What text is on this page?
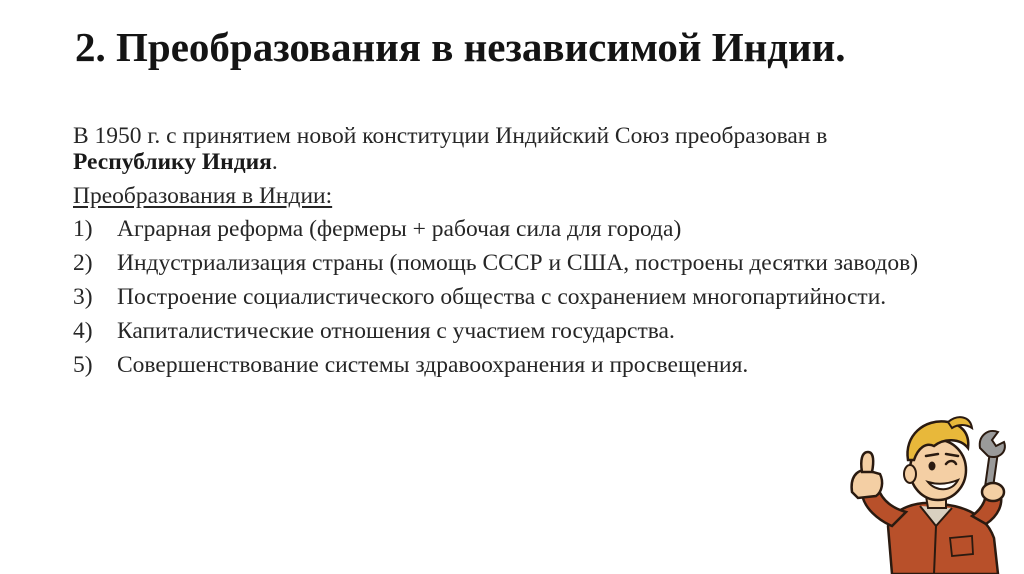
2. Преобразования в независимой Индии.

В 1950 г. с принятием новой конституции Индийский Союз преобразован в Республику Индия.

Преобразования в Индии:

1)	Аграрная реформа (фермеры + рабочая сила для города)
2)	Индустриализация страны (помощь СССР и США, построены десятки заводов)
3)	Построение социалистического общества с сохранением многопартийности.
4)	Капиталистические отношения с участием государства.
5)	Совершенствование системы здравоохранения и просвещения.
